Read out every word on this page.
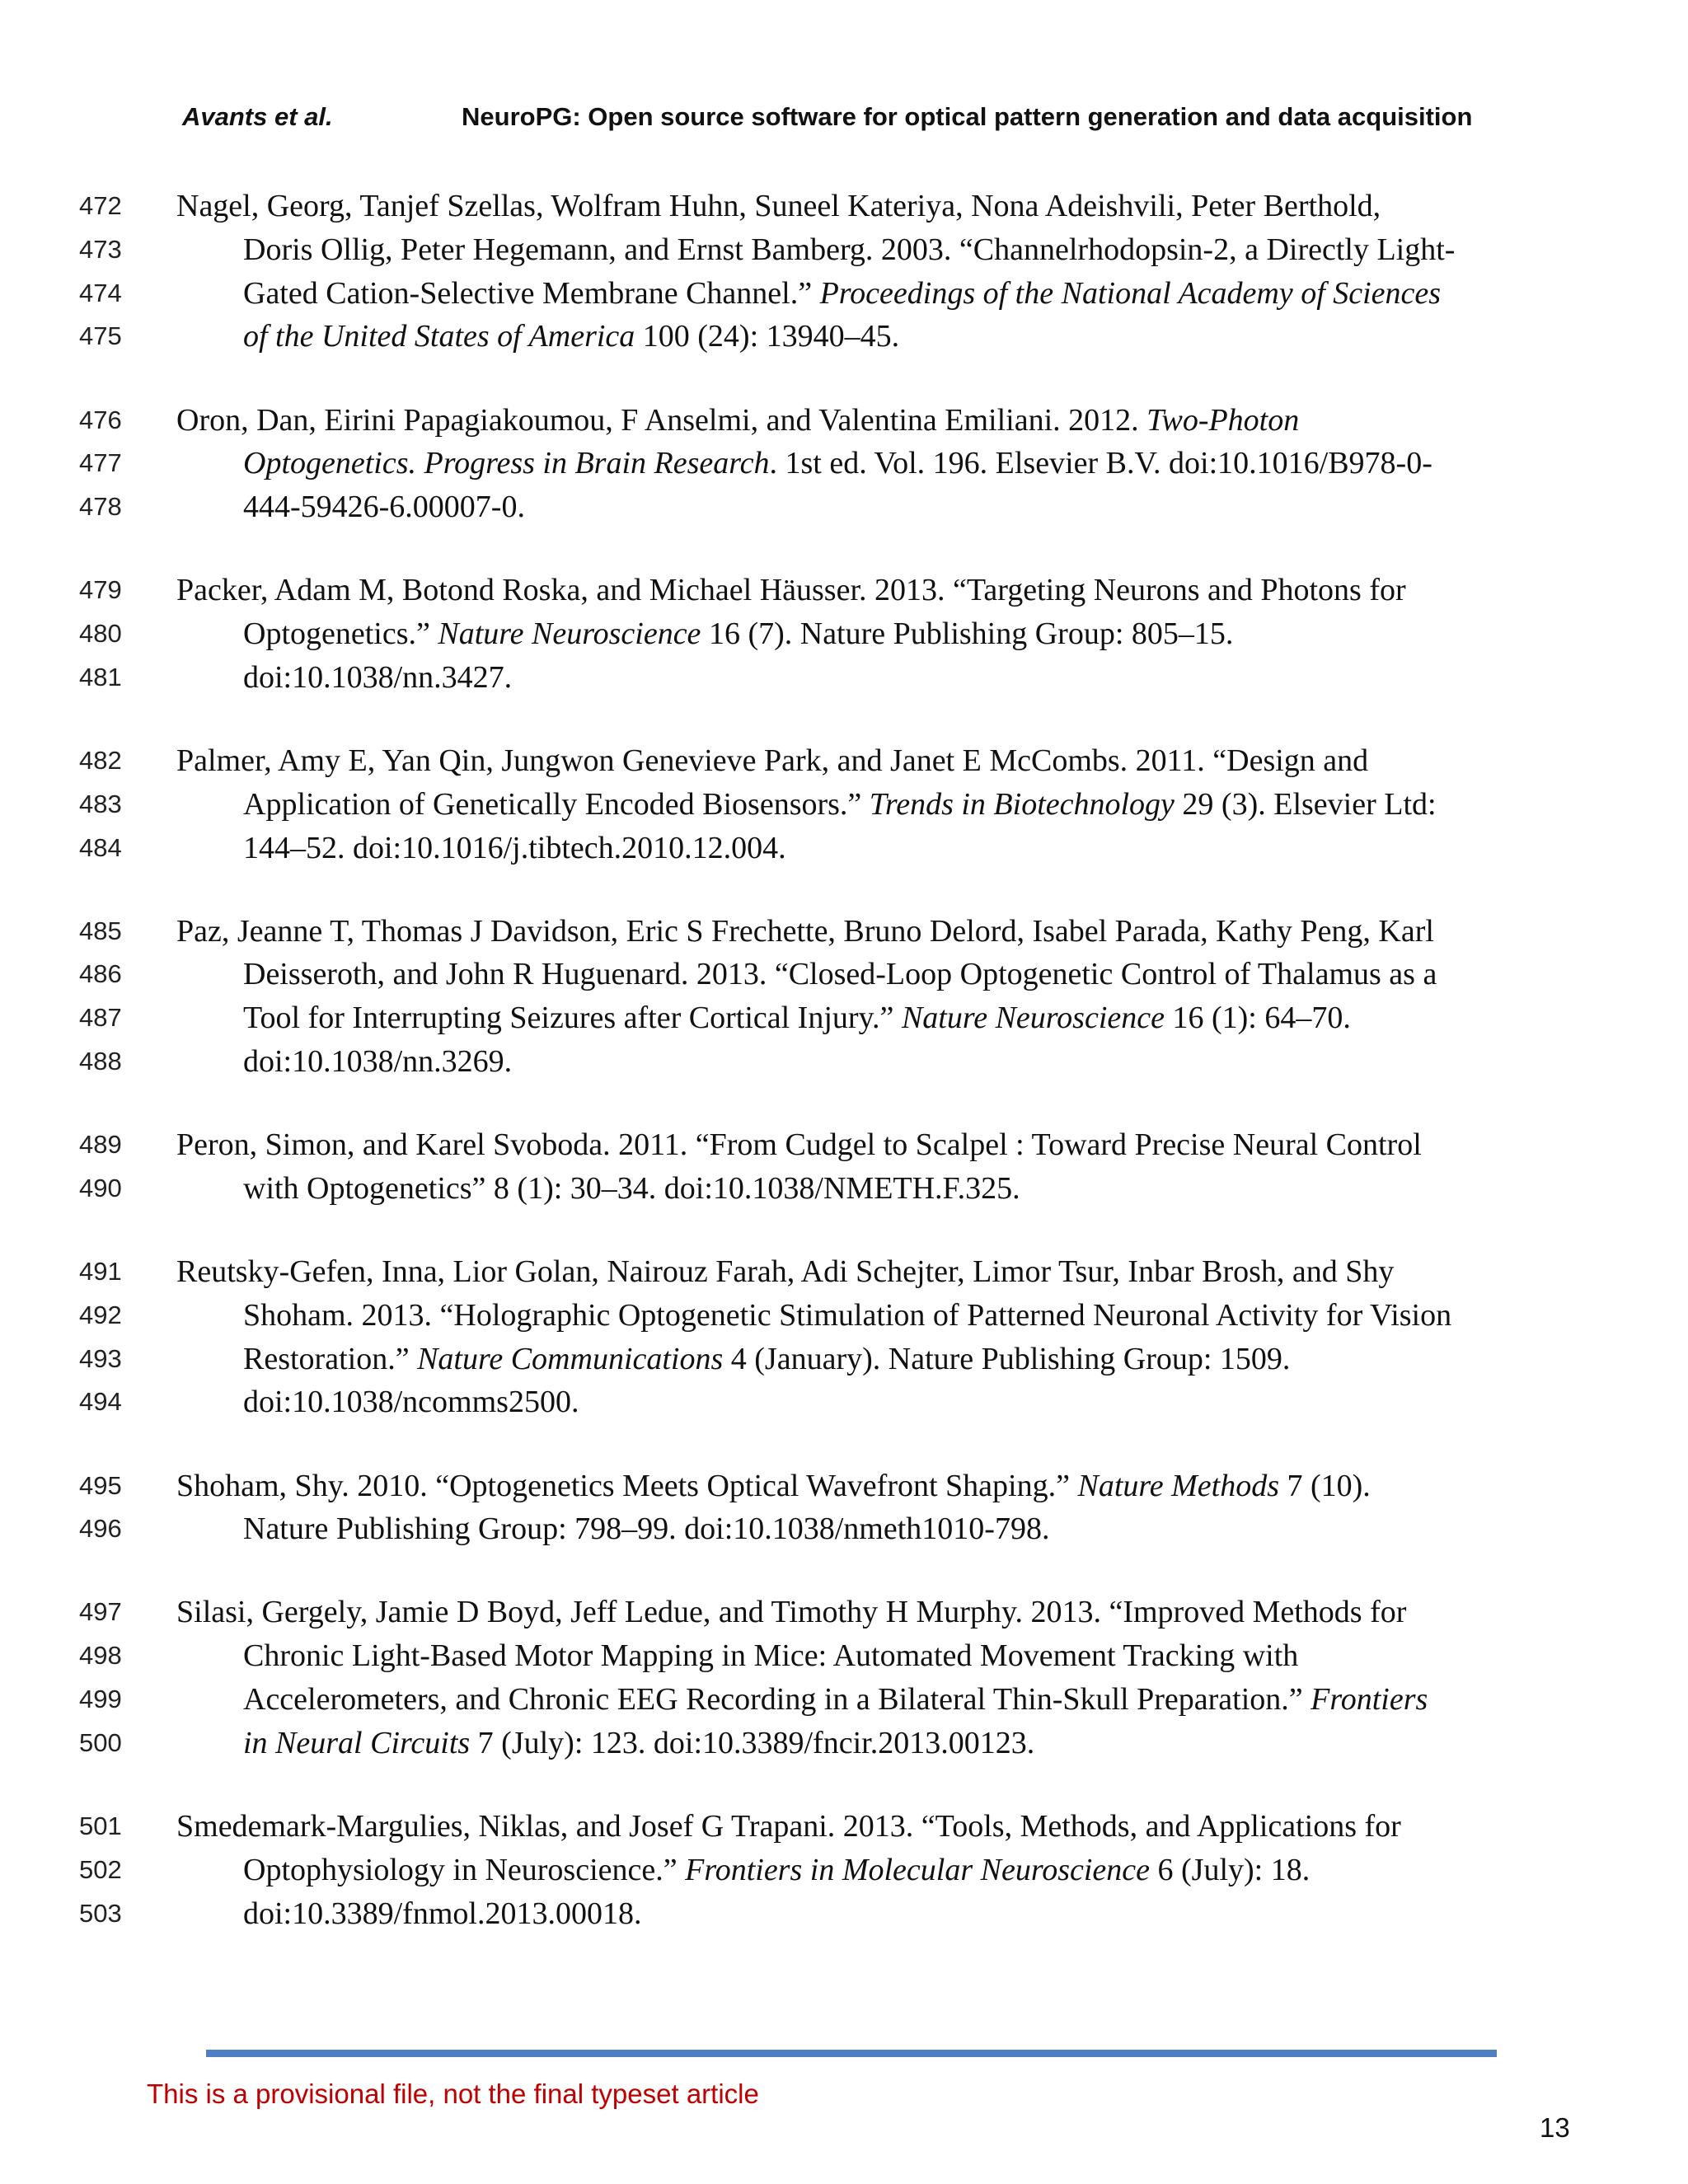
Avants et al.	NeuroPG: Open source software for optical pattern generation and data acquisition
472 Nagel, Georg, Tanjef Szellas, Wolfram Huhn, Suneel Kateriya, Nona Adeishvili, Peter Berthold,
473	Doris Ollig, Peter Hegemann, and Ernst Bamberg. 2003. “Channelrhodopsin-2, a Directly Light-
474	Gated Cation-Selective Membrane Channel.” Proceedings of the National Academy of Sciences
475	of the United States of America 100 (24): 13940–45.
476 Oron, Dan, Eirini Papagiakoumou, F Anselmi, and Valentina Emiliani. 2012. Two-Photon
477	Optogenetics. Progress in Brain Research. 1st ed. Vol. 196. Elsevier B.V. doi:10.1016/B978-0-
478	444-59426-6.00007-0.
479 Packer, Adam M, Botond Roska, and Michael Häusser. 2013. “Targeting Neurons and Photons for
480	Optogenetics.” Nature Neuroscience 16 (7). Nature Publishing Group: 805–15.
481	doi:10.1038/nn.3427.
482 Palmer, Amy E, Yan Qin, Jungwon Genevieve Park, and Janet E McCombs. 2011. “Design and
483	Application of Genetically Encoded Biosensors.” Trends in Biotechnology 29 (3). Elsevier Ltd:
484	144–52. doi:10.1016/j.tibtech.2010.12.004.
485 Paz, Jeanne T, Thomas J Davidson, Eric S Frechette, Bruno Delord, Isabel Parada, Kathy Peng, Karl
486	Deisseroth, and John R Huguenard. 2013. “Closed-Loop Optogenetic Control of Thalamus as a
487	Tool for Interrupting Seizures after Cortical Injury.” Nature Neuroscience 16 (1): 64–70.
488	doi:10.1038/nn.3269.
489 Peron, Simon, and Karel Svoboda. 2011. “From Cudgel to Scalpel : Toward Precise Neural Control
490	with Optogenetics” 8 (1): 30–34. doi:10.1038/NMETH.F.325.
491 Reutsky-Gefen, Inna, Lior Golan, Nairouz Farah, Adi Schejter, Limor Tsur, Inbar Brosh, and Shy
492	Shoham. 2013. “Holographic Optogenetic Stimulation of Patterned Neuronal Activity for Vision
493	Restoration.” Nature Communications 4 (January). Nature Publishing Group: 1509.
494	doi:10.1038/ncomms2500.
495 Shoham, Shy. 2010. “Optogenetics Meets Optical Wavefront Shaping.” Nature Methods 7 (10).
496	Nature Publishing Group: 798–99. doi:10.1038/nmeth1010-798.
497 Silasi, Gergely, Jamie D Boyd, Jeff Ledue, and Timothy H Murphy. 2013. “Improved Methods for
498	Chronic Light-Based Motor Mapping in Mice: Automated Movement Tracking with
499	Accelerometers, and Chronic EEG Recording in a Bilateral Thin-Skull Preparation.” Frontiers
500	in Neural Circuits 7 (July): 123. doi:10.3389/fncir.2013.00123.
501 Smedemark-Margulies, Niklas, and Josef G Trapani. 2013. “Tools, Methods, and Applications for
502	Optophysiology in Neuroscience.” Frontiers in Molecular Neuroscience 6 (July): 18.
503	doi:10.3389/fnmol.2013.00018.
This is a provisional file, not the final typeset article
13
